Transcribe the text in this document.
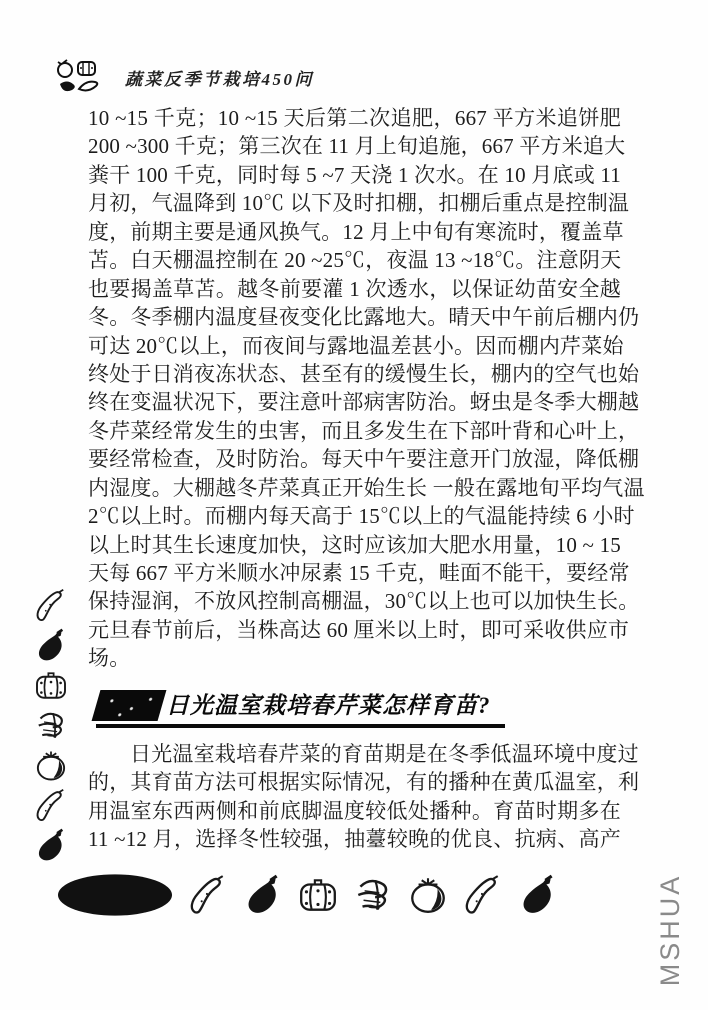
蔬菜反季节栽培450问
10 ~15 千克；10 ~15 天后第二次追肥，667 平方米追饼肥
200 ~300 千克；第三次在 11 月上旬追施，667 平方米追大
粪干 100 千克，同时每 5 ~7 天浇 1 次水。在 10 月底或 11
月初，气温降到 10℃ 以下及时扣棚，扣棚后重点是控制温
度，前期主要是通风换气。12 月上中旬有寒流时，覆盖草
苫。白天棚温控制在 20 ~25℃，夜温 13 ~18℃。注意阴天
也要揭盖草苫。越冬前要灌 1 次透水，以保证幼苗安全越
冬。冬季棚内温度昼夜变化比露地大。晴天中午前后棚内仍
可达 20℃以上，而夜间与露地温差甚小。因而棚内芹菜始
终处于日消夜冻状态、甚至有的缓慢生长，棚内的空气也始
终在变温状况下，要注意叶部病害防治。蚜虫是冬季大棚越
冬芹菜经常发生的虫害，而且多发生在下部叶背和心叶上，
要经常检查，及时防治。每天中午要注意开门放湿，降低棚
内湿度。大棚越冬芹菜真正开始生长 一般在露地旬平均气温
2℃以上时。而棚内每天高于 15℃以上的气温能持续 6 小时
以上时其生长速度加快，这时应该加大肥水用量，10 ~ 15
天每 667 平方米顺水冲尿素 15 千克，畦面不能干，要经常
保持湿润，不放风控制高棚温，30℃以上也可以加快生长。
元旦春节前后，当株高达 60 厘米以上时，即可采收供应市
场。
日光温室栽培春芹菜怎样育苗?
日光温室栽培春芹菜的育苗期是在冬季低温环境中度过
的，其育苗方法可根据实际情况，有的播种在黄瓜温室，利
用温室东西两侧和前底脚温度较低处播种。育苗时期多在
11 ~12 月，选择冬性较强，抽薹较晚的优良、抗病、高产
MSHUA
